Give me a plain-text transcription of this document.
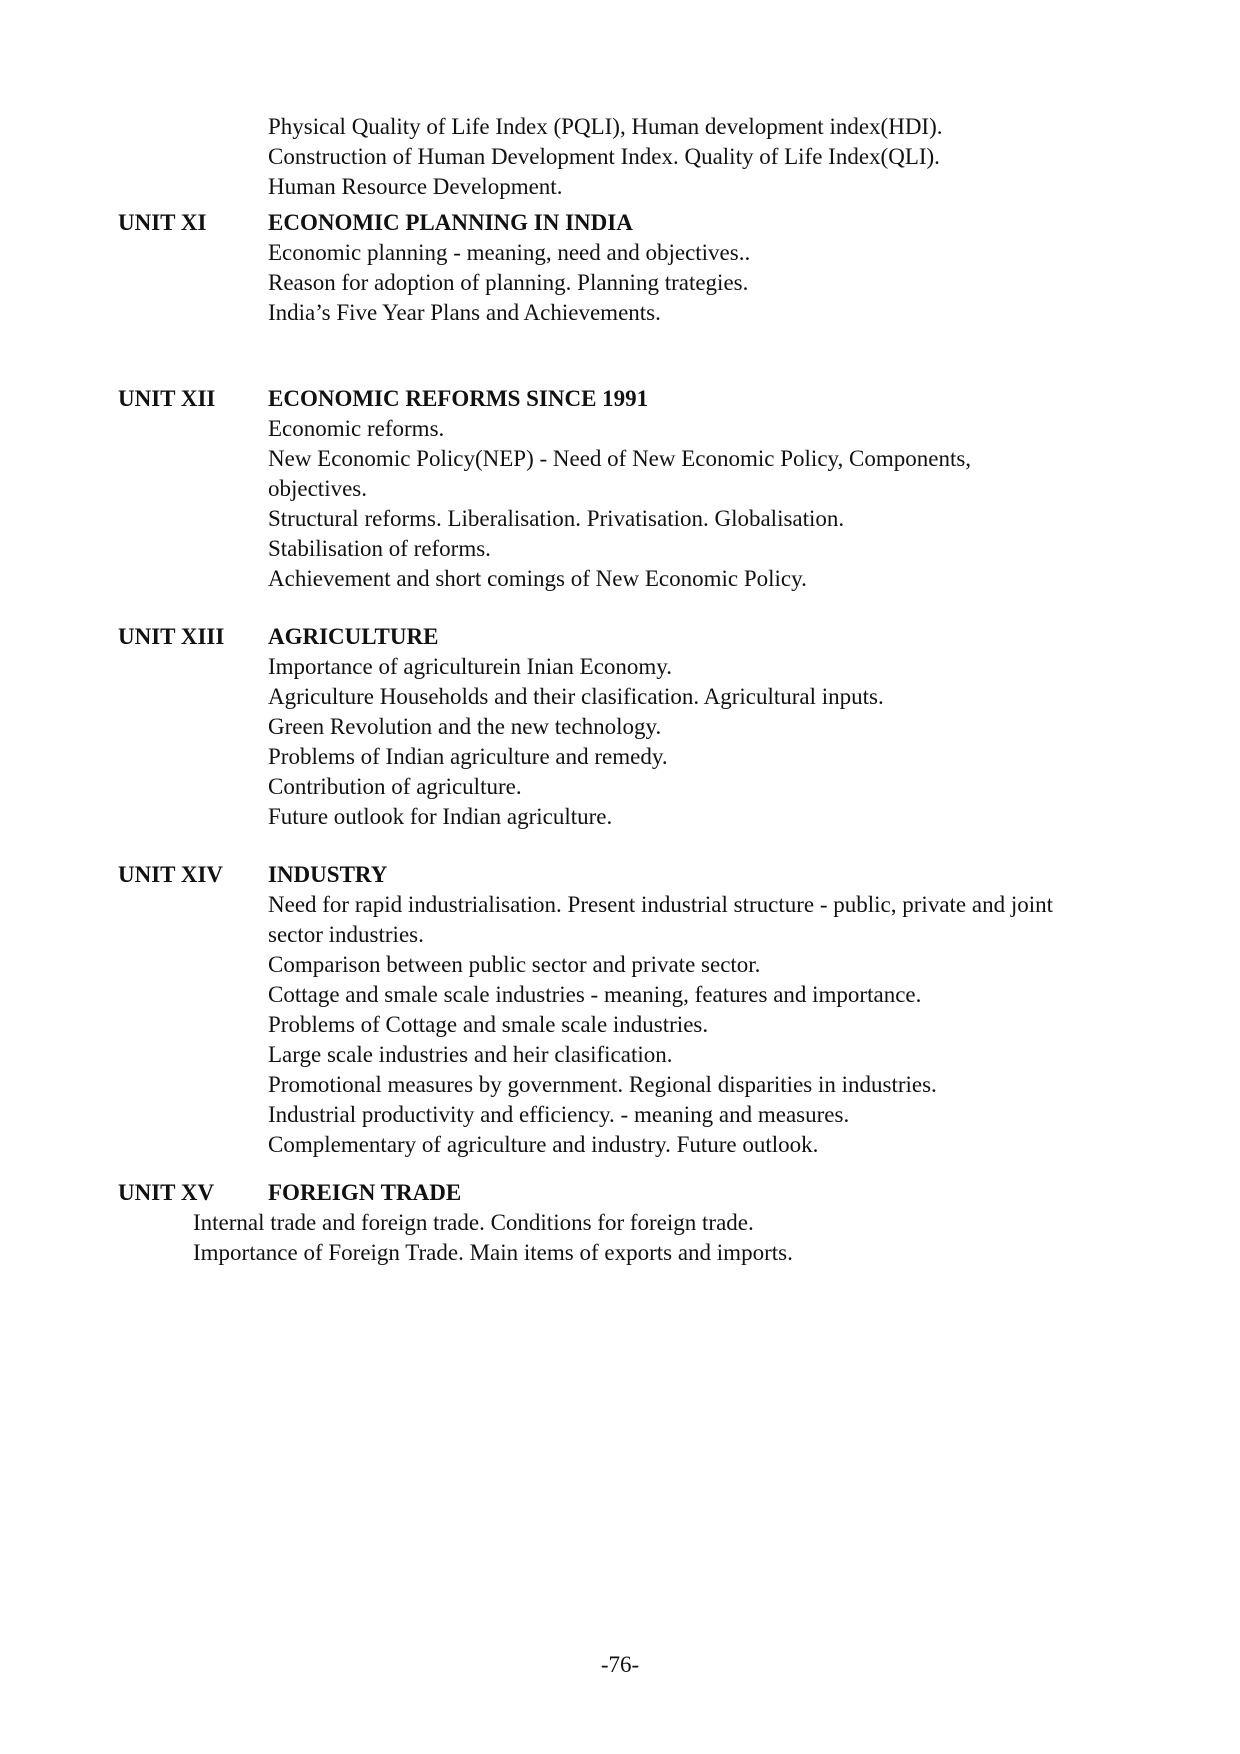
Physical Quality of Life Index (PQLI), Human development index(HDI).
Construction of Human Development Index. Quality of Life Index(QLI).
Human Resource Development.
UNIT XI	ECONOMIC PLANNING IN INDIA
Economic planning - meaning, need and objectives..
Reason for adoption of planning. Planning trategies.
India’s Five Year Plans and Achievements.
UNIT XII	ECONOMIC REFORMS SINCE 1991
Economic reforms.
New Economic Policy(NEP) - Need of New Economic Policy, Components, objectives.
Structural reforms. Liberalisation. Privatisation. Globalisation.
Stabilisation of reforms.
Achievement and short comings of New Economic Policy.
UNIT XIII	AGRICULTURE
Importance of agriculturein Inian Economy.
Agriculture Households and their clasification. Agricultural inputs.
Green Revolution and the new technology.
Problems of Indian agriculture and remedy.
Contribution of agriculture.
Future outlook for Indian agriculture.
UNIT XIV	INDUSTRY
Need for rapid industrialisation. Present industrial structure - public, private and joint sector industries.
Comparison between public sector and private sector.
Cottage and smale scale industries - meaning, features and importance.
Problems of Cottage and smale scale industries.
Large scale industries and heir clasification.
Promotional measures by government. Regional disparities in industries.
Industrial productivity and efficiency. - meaning and measures.
Complementary of agriculture and industry. Future outlook.
UNIT XV	FOREIGN TRADE
Internal trade and foreign trade. Conditions for foreign trade.
Importance of Foreign Trade. Main items of exports and imports.
-76-
